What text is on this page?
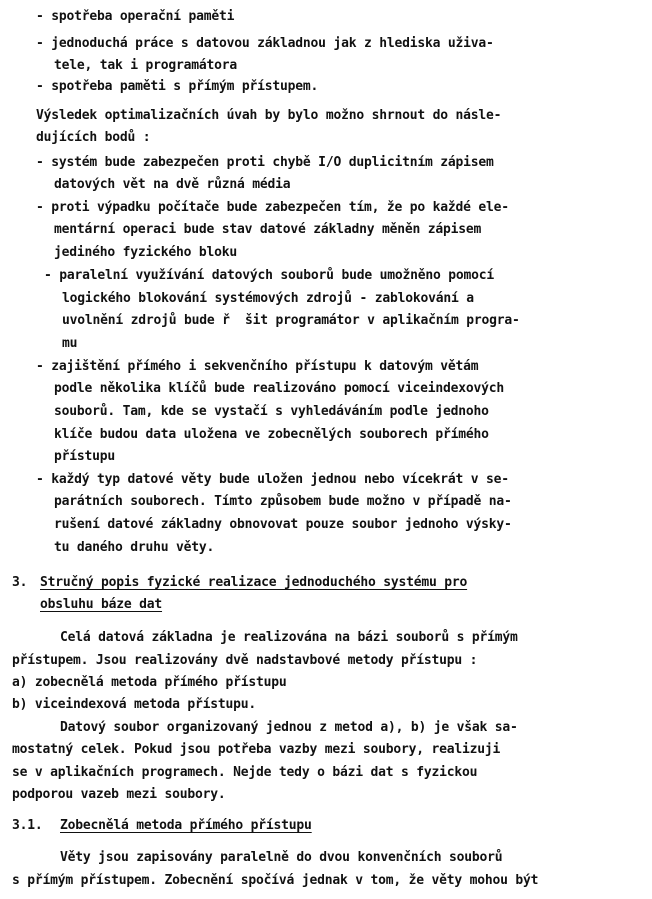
- spotřeba operační paměti
- jednoduchá práce s datovou základnou jak z hlediska uživa-
tele, tak i programátora
- spotřeba paměti s přímým přístupem.
Výsledek optimalizačních úvah by bylo možno shrnout do násle-
dujících bodů :
- systém bude zabezpečen proti chybě I/O duplicitním zápisem
datových vět na dvě různá média
- proti výpadku počítače bude zabezpečen tím, že po každé ele-
mentární operaci bude stav datové základny měněn zápisem
jediného fyzického bloku
- paralelní využívání datových souborů bude umožněno pomocí
logického blokování systémových zdrojů - zablokování a
uvolnění zdrojů bude ř  šit programátor v aplikačním progra-
mu
- zajištění přímého i sekvenčního přístupu k datovým větám
podle několika klíčů bude realizováno pomocí viceindexových
souborů. Tam, kde se vystačí s vyhledáváním podle jednoho
klíče budou data uložena ve zobecnělých souborech přímého
přístupu
- každý typ datové věty bude uložen jednou nebo vícekrát v se-
parátních souborech. Tímto způsobem bude možno v případě na-
rušení datové základny obnovovat pouze soubor jednoho výsky-
tu daného druhu věty.
3. Stručný popis fyzické realizace jednoduchého systému pro
obsluhu báze dat
Celá datová základna je realizována na bázi souborů s přímým
přístupem. Jsou realizovány dvě nadstavbové metody přístupu :
a) zobecnělá metoda přímého přístupu
b) viceindexová metoda přístupu.
Datový soubor organizovaný jednou z metod a), b) je však sa-
mostatný celek. Pokud jsou potřeba vazby mezi soubory, realizuji
se v aplikačních programech. Nejde tedy o bázi dat s fyzickou
podporou vazeb mezi soubory.
3.1. Zobecnělá metoda přímého přístupu
Věty jsou zapisovány paralelně do dvou konvenčních souborů
s přímým přístupem. Zobecnění spočívá jednak v tom, že věty mohou být
